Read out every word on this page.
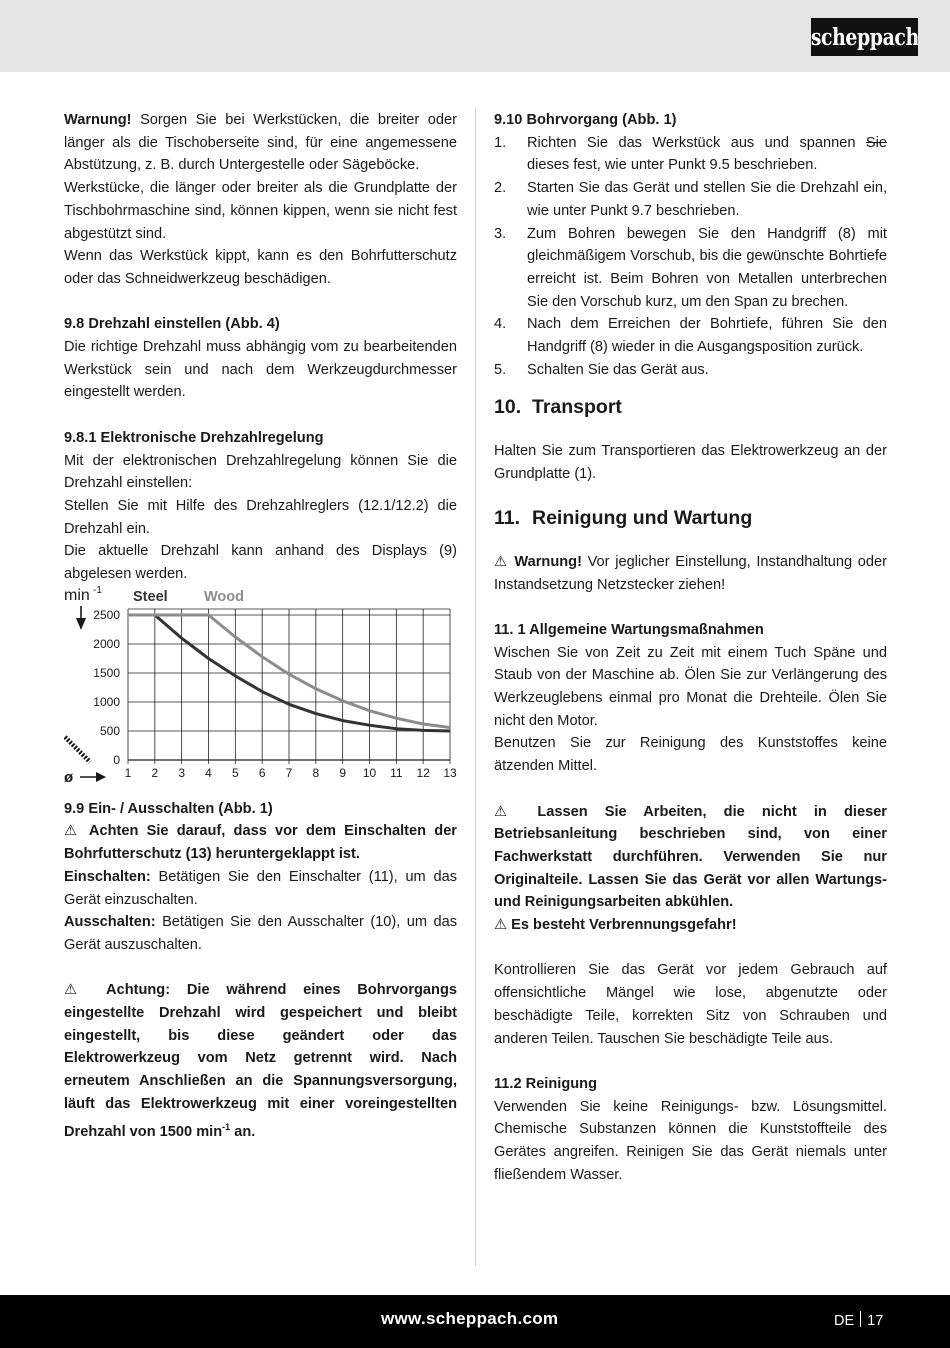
scheppach

Warnung! Sorgen Sie bei Werkstücken, die breiter oder länger als die Tischoberseite sind, für eine angemessene Abstützung, z. B. durch Untergestelle oder Sägeböcke.

Werkstücke, die länger oder breiter als die Grundplatte der Tischbohrmaschine sind, können kippen, wenn sie nicht fest abgestützt sind.

Wenn das Werkstück kippt, kann es den Bohrfutterschutz oder das Schneidwerkzeug beschädigen.

9.8 Drehzahl einstellen (Abb. 4)

Die richtige Drehzahl muss abhängig vom zu bearbeitenden Werkstück sein und nach dem Werkzeugdurchmesser eingestellt werden.

9.8.1 Elektronische Drehzahlregelung

Mit der elektronischen Drehzahlregelung können Sie die Drehzahl einstellen:

Stellen Sie mit Hilfe des Drehzahlreglers (12.1/12.2) die Drehzahl ein.

Die aktuelle Drehzahl kann anhand des Displays (9) abgelesen werden.

0
500
1000
1500
2000
2500
1 2 3 4 5 6 7 8 9 10 11 12 13
Steel	Wood
min -1
ø

9.9 Ein- / Ausschalten (Abb. 1)

⚠ Achten Sie darauf, dass vor dem Einschalten der Bohrfutterschutz (13) heruntergeklappt ist.

Einschalten: Betätigen Sie den Einschalter (11), um das Gerät einzuschalten.

Ausschalten: Betätigen Sie den Ausschalter (10), um das Gerät auszuschalten.

⚠ Achtung: Die während eines Bohrvorgangs eingestellte Drehzahl wird gespeichert und bleibt eingestellt, bis diese geändert oder das Elektrowerkzeug vom Netz getrennt wird. Nach erneutem Anschließen an die Spannungsversorgung, läuft das Elektrowerkzeug mit einer voreingestellten Drehzahl von 1500 $\min^{-1}$ an.

9.10 Bohrvorgang (Abb. 1)

1.	Richten Sie das Werkstück aus und spannen Sie dieses fest, wie unter Punkt 9.5 beschrieben.
2.	Starten Sie das Gerät und stellen Sie die Drehzahl ein, wie unter Punkt 9.7 beschrieben.
3.	Zum Bohren bewegen Sie den Handgriff (8) mit gleichmäßigem Vorschub, bis die gewünschte Bohrtiefe erreicht ist. Beim Bohren von Metallen unterbrechen Sie den Vorschub kurz, um den Span zu brechen.
4.	Nach dem Erreichen der Bohrtiefe, führen Sie den Handgriff (8) wieder in die Ausgangsposition zurück.
5.	Schalten Sie das Gerät aus.

10. Transport

Halten Sie zum Transportieren das Elektrowerkzeug an der Grundplatte (1).

11. Reinigung und Wartung

⚠ Warnung! Vor jeglicher Einstellung, Instandhaltung oder Instandsetzung Netzstecker ziehen!

11. 1 Allgemeine Wartungsmaßnahmen

Wischen Sie von Zeit zu Zeit mit einem Tuch Späne und Staub von der Maschine ab. Ölen Sie zur Verlängerung des Werkzeuglebens einmal pro Monat die Drehteile. Ölen Sie nicht den Motor.

Benutzen Sie zur Reinigung des Kunststoffes keine ätzenden Mittel.

⚠ Lassen Sie Arbeiten, die nicht in dieser Betriebsanleitung beschrieben sind, von einer Fachwerkstatt durchführen. Verwenden Sie nur Originalteile. Lassen Sie das Gerät vor allen Wartungs- und Reinigungsarbeiten abkühlen.

⚠ Es besteht Verbrennungsgefahr!

Kontrollieren Sie das Gerät vor jedem Gebrauch auf offensichtliche Mängel wie lose, abgenutzte oder beschädigte Teile, korrekten Sitz von Schrauben und anderen Teilen. Tauschen Sie beschädigte Teile aus.

11.2 Reinigung

Verwenden Sie keine Reinigungs- bzw. Lösungsmittel. Chemische Substanzen können die Kunststoffteile des Gerätes angreifen. Reinigen Sie das Gerät niemals unter fließendem Wasser.

www.scheppach.com	DE 17
